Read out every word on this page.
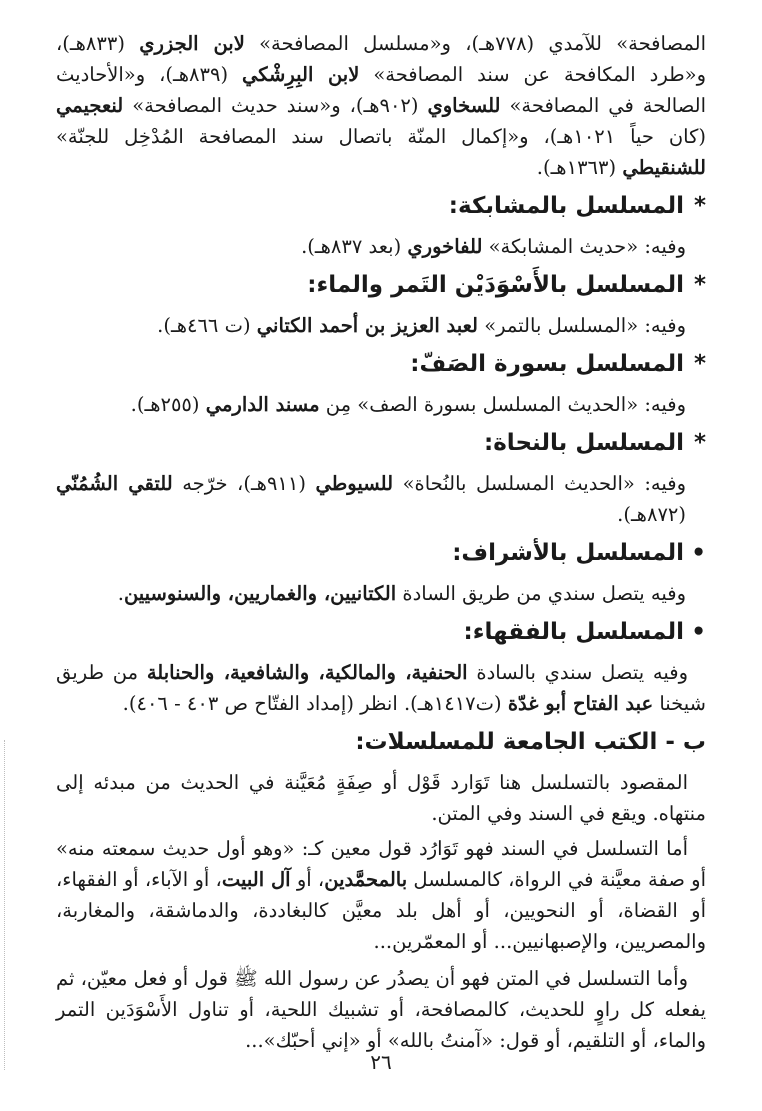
المصافحة» للآمدي (٧٧٨هـ)، و«مسلسل المصافحة» لابن الجزري (٨٣٣هـ)، و«طرد المكافحة عن سند المصافحة» لابن البِرِشْكي (٨٣٩هـ)، و«الأحاديث الصالحة في المصافحة» للسخاوي (٩٠٢هـ)، و«سند حديث المصافحة» لنعجيمي (كان حياً ١٠٢١هـ)، و«إكمال المنّة باتصال سند المصافحة المُدْخِل للجنّة» للشنقيطي (١٣٦٣هـ).

*المسلسل بالمشابكة:

وفيه: «حديث المشابكة» للفاخوري (بعد ٨٣٧هـ).

*المسلسل بالأَسْوَدَيْن التَمر والماء:

وفيه: «المسلسل بالتمر» لعبد العزيز بن أحمد الكتاني (ت ٤٦٦هـ).

*المسلسل بسورة الصَفّ:

وفيه: «الحديث المسلسل بسورة الصف» مِن مسند الدارمي (٢٥٥هـ).

*المسلسل بالنحاة:

وفيه: «الحديث المسلسل بالنُحاة» للسيوطي (٩١١هـ)، خرّجه للتقي الشُمُنّي (٨٧٢هـ).

•المسلسل بالأشراف:

وفيه يتصل سندي من طريق السادة الكتانيين، والغماريين، والسنوسيين.

•المسلسل بالفقهاء:

وفيه يتصل سندي بالسادة الحنفية، والمالكية، والشافعية، والحنابلة من طريق شيخنا عبد الفتاح أبو غدّة (ت١٤١٧هـ). انظر (إمداد الفتّاح ص ٤٠٣ - ٤٠٦).

ب - الكتب الجامعة للمسلسلات:

المقصود بالتسلسل هنا تَوَارد قَوْل أو صِفَةٍ مُعَيَّنة في الحديث من مبدئه إلى منتهاه. ويقع في السند وفي المتن.

أما التسلسل في السند فهو تَوَارُد قول معين كـ: «وهو أول حديث سمعته منه» أو صفة معيَّنة في الرواة، كالمسلسل بالمحمَّدين، أو آل البيت، أو الآباء، أو الفقهاء، أو القضاة، أو النحويين، أو أهل بلد معيَّن كالبغاددة، والدماشقة، والمغاربة، والمصريين، والإصبهانيين... أو المعمّرين...

وأما التسلسل في المتن فهو أن يصدُر عن رسول الله ﷺ قول أو فعل معيّن، ثم يفعله كل راوٍ للحديث، كالمصافحة، أو تشبيك اللحية، أو تناول الأَسْوَدَين التمر والماء، أو التلقيم، أو قول: «آمنتُ بالله» أو «إني أحبّك»...

٢٦
